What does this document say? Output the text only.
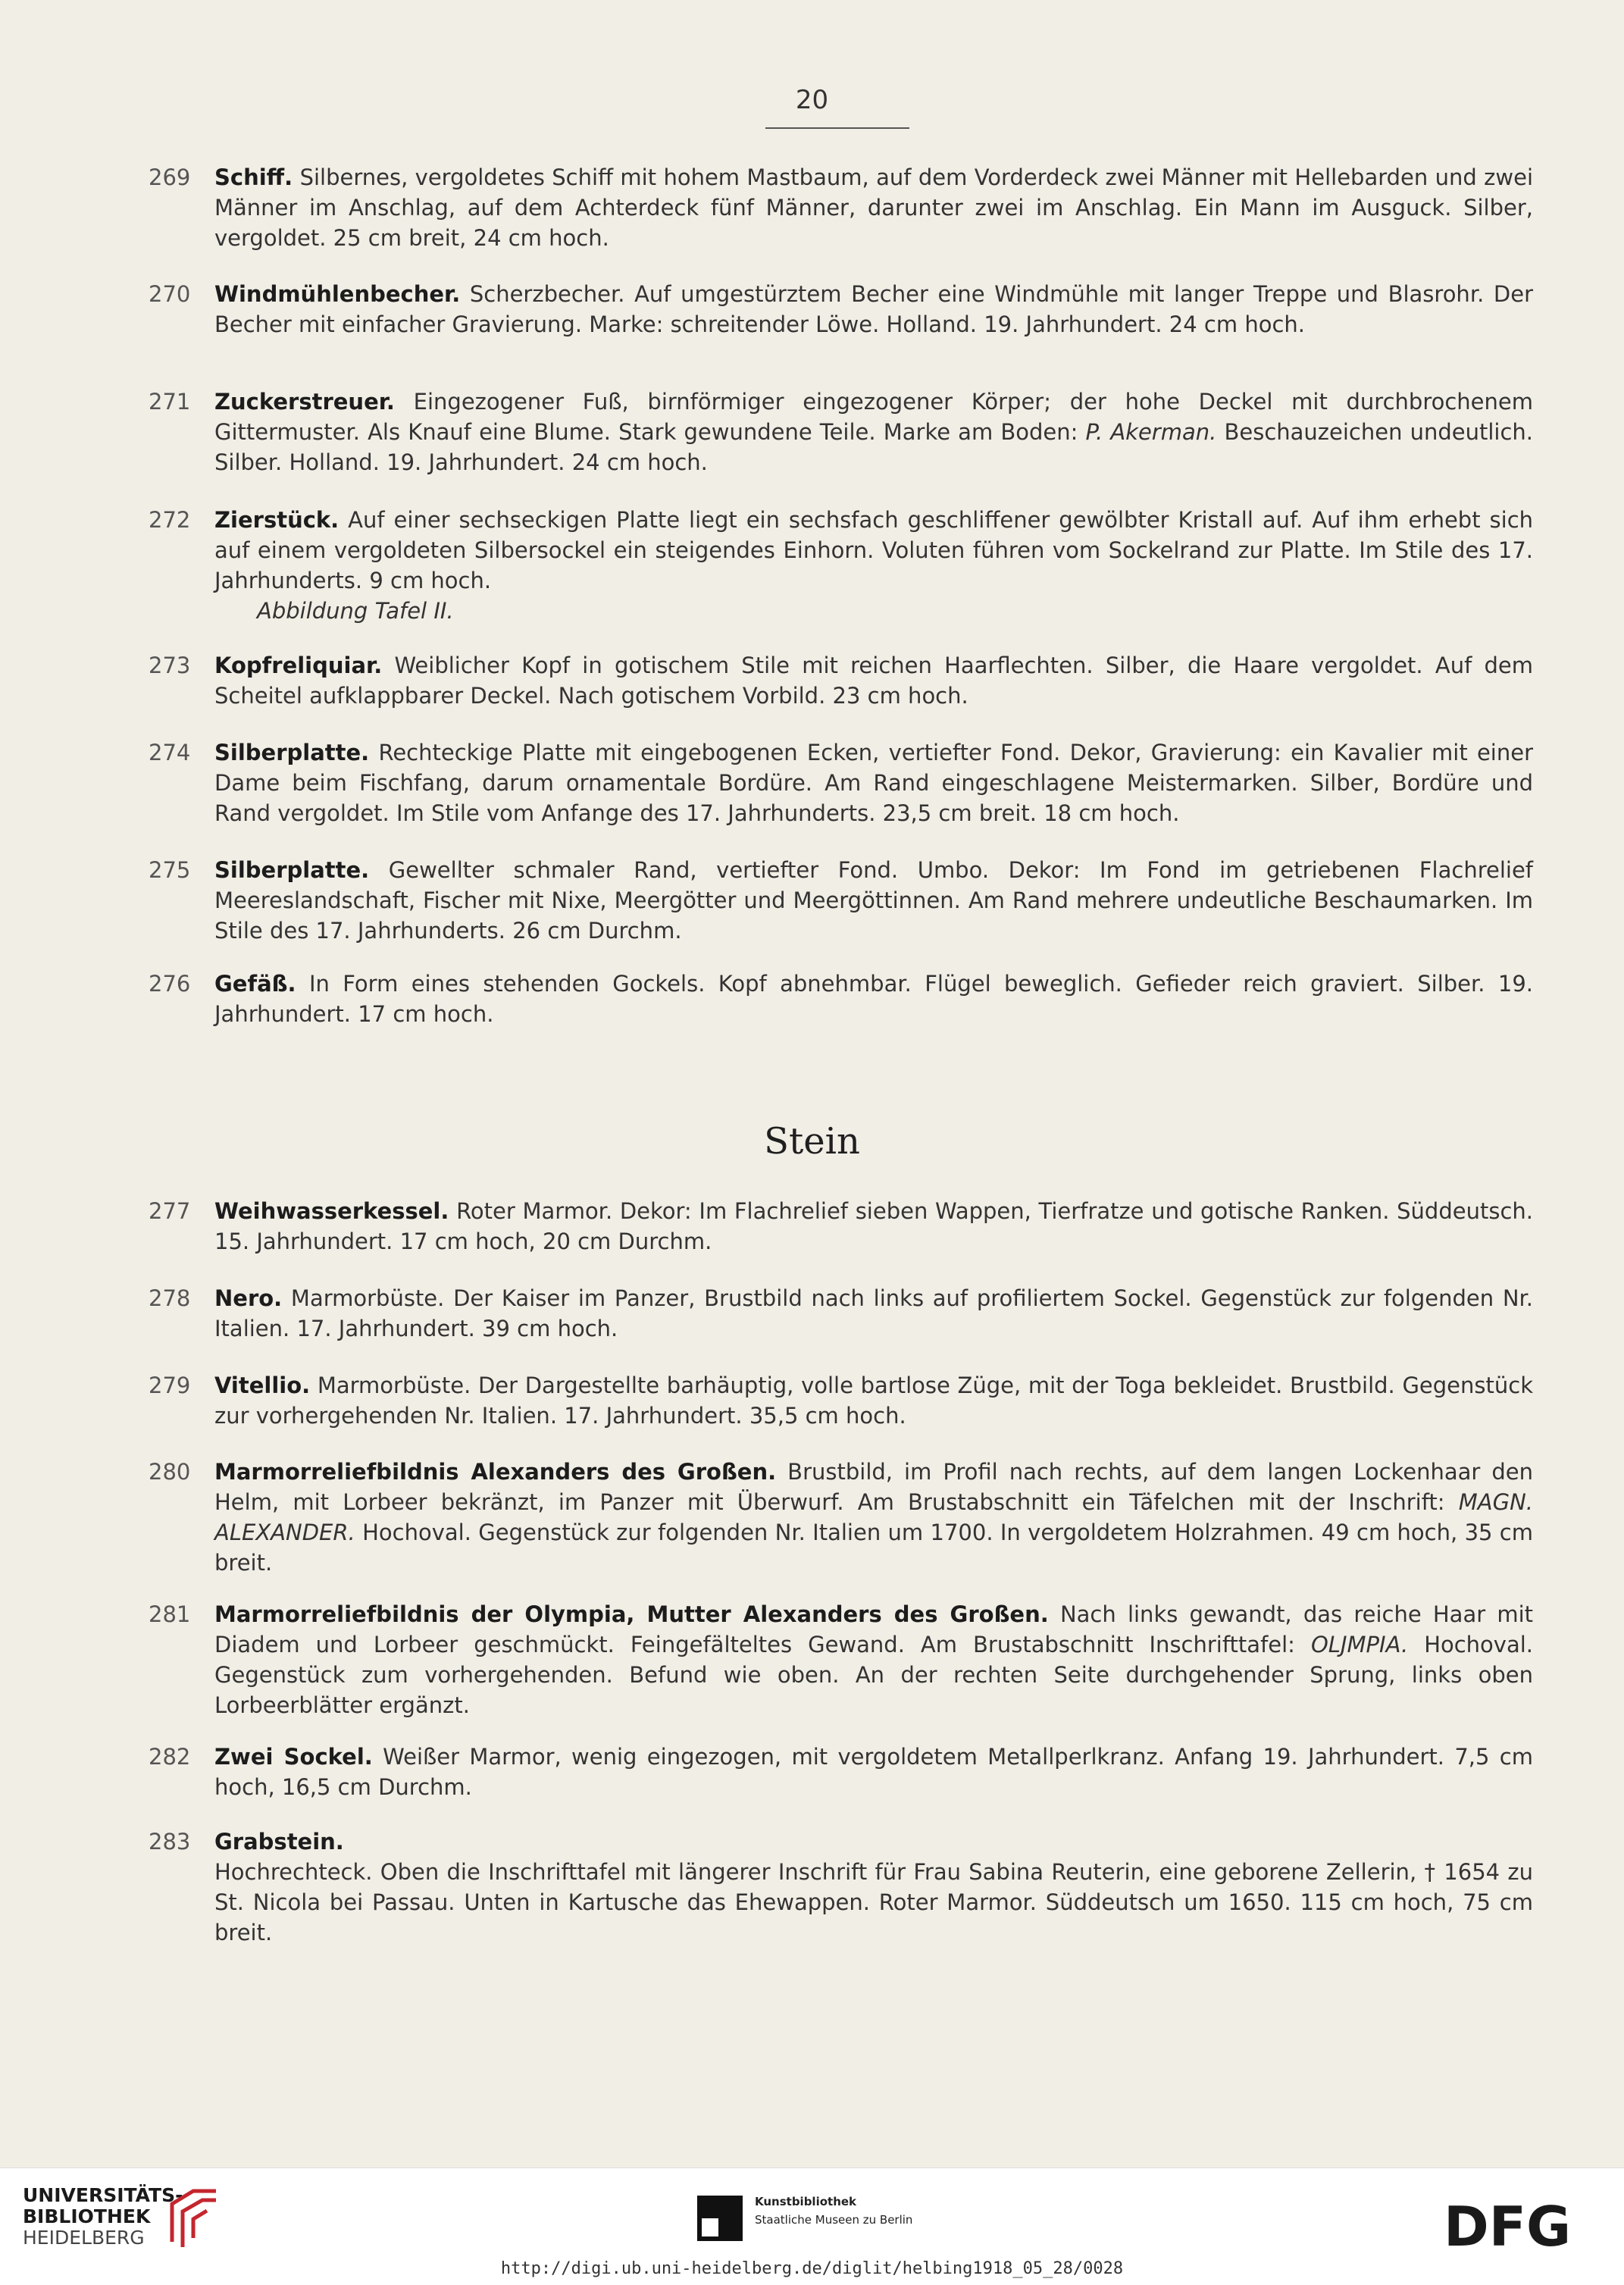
20
269	Schiff. Silbernes, vergoldetes Schiff mit hohem Mastbaum, auf dem Vorderdeck zwei Männer mit Hellebarden und zwei Männer im Anschlag, auf dem Achterdeck fünf Männer, darunter zwei im Anschlag. Ein Mann im Ausguck. Silber, vergoldet. 25 cm breit, 24 cm hoch.
270	Windmühlenbecher. Scherzbecher. Auf umgestürztem Becher eine Windmühle mit langer Treppe und Blasrohr. Der Becher mit einfacher Gravierung. Marke: schreitender Löwe. Holland. 19. Jahrhundert. 24 cm hoch.
271	Zuckerstreuer. Eingezogener Fuß, birnförmiger eingezogener Körper; der hohe Deckel mit durchbrochenem Gittermuster. Als Knauf eine Blume. Stark gewundene Teile. Marke am Boden: P. Akerman. Beschauzeichen undeutlich. Silber. Holland. 19. Jahrhundert. 24 cm hoch.
272	Zierstück. Auf einer sechseckigen Platte liegt ein sechsfach geschliffener gewölbter Kristall auf. Auf ihm erhebt sich auf einem vergoldeten Silbersockel ein steigendes Einhorn. Voluten führen vom Sockelrand zur Platte. Im Stile des 17. Jahrhunderts. 9 cm hoch.
Abbildung Tafel II.
273	Kopfreliquiar. Weiblicher Kopf in gotischem Stile mit reichen Haarflechten. Silber, die Haare vergoldet. Auf dem Scheitel aufklappbarer Deckel. Nach gotischem Vorbild. 23 cm hoch.
274	Silberplatte. Rechteckige Platte mit eingebogenen Ecken, vertiefter Fond. Dekor, Gravierung: ein Kavalier mit einer Dame beim Fischfang, darum ornamentale Bordüre. Am Rand eingeschlagene Meistermarken. Silber, Bordüre und Rand vergoldet. Im Stile vom Anfange des 17. Jahrhunderts. 23,5 cm breit. 18 cm hoch.
275	Silberplatte. Gewellter schmaler Rand, vertiefter Fond. Umbo. Dekor: Im Fond im getriebenen Flachrelief Meereslandschaft, Fischer mit Nixe, Meergötter und Meergöttinnen. Am Rand mehrere undeutliche Beschaumarken. Im Stile des 17. Jahrhunderts. 26 cm Durchm.
276	Gefäß. In Form eines stehenden Gockels. Kopf abnehmbar. Flügel beweglich. Gefieder reich graviert. Silber. 19. Jahrhundert. 17 cm hoch.
Stein
277	Weihwasserkessel. Roter Marmor. Dekor: Im Flachrelief sieben Wappen, Tierfratze und gotische Ranken. Süddeutsch. 15. Jahrhundert. 17 cm hoch, 20 cm Durchm.
278	Nero. Marmorbüste. Der Kaiser im Panzer, Brustbild nach links auf profiliertem Sockel. Gegenstück zur folgenden Nr. Italien. 17. Jahrhundert. 39 cm hoch.
279	Vitellio. Marmorbüste. Der Dargestellte barhäuptig, volle bartlose Züge, mit der Toga bekleidet. Brustbild. Gegenstück zur vorhergehenden Nr. Italien. 17. Jahrhundert. 35,5 cm hoch.
280	Marmorreliefbildnis Alexanders des Großen. Brustbild, im Profil nach rechts, auf dem langen Lockenhaar den Helm, mit Lorbeer bekränzt, im Panzer mit Überwurf. Am Brustabschnitt ein Täfelchen mit der Inschrift: MAGN. ALEXANDER. Hochoval. Gegenstück zur folgenden Nr. Italien um 1700. In vergoldetem Holzrahmen. 49 cm hoch, 35 cm breit.
281	Marmorreliefbildnis der Olympia, Mutter Alexanders des Großen. Nach links gewandt, das reiche Haar mit Diadem und Lorbeer geschmückt. Feingefälteltes Gewand. Am Brustabschnitt Inschrifttafel: OLJMPIA. Hochoval. Gegenstück zum vorhergehenden. Befund wie oben. An der rechten Seite durchgehender Sprung, links oben Lorbeerblätter ergänzt.
282	Zwei Sockel. Weißer Marmor, wenig eingezogen, mit vergoldetem Metallperlkranz. Anfang 19. Jahrhundert. 7,5 cm hoch, 16,5 cm Durchm.
283	Grabstein.
Hochrechteck. Oben die Inschrifttafel mit längerer Inschrift für Frau Sabina Reuterin, eine geborene Zellerin, † 1654 zu St. Nicola bei Passau. Unten in Kartusche das Ehewappen. Roter Marmor. Süddeutsch um 1650. 115 cm hoch, 75 cm breit.
UNIVERSITÄTS-
BIBLIOTHEK
HEIDELBERG
Kunstbibliothek
Staatliche Museen zu Berlin	DFG
http://digi.ub.uni-heidelberg.de/diglit/helbing1918_05_28/0028
